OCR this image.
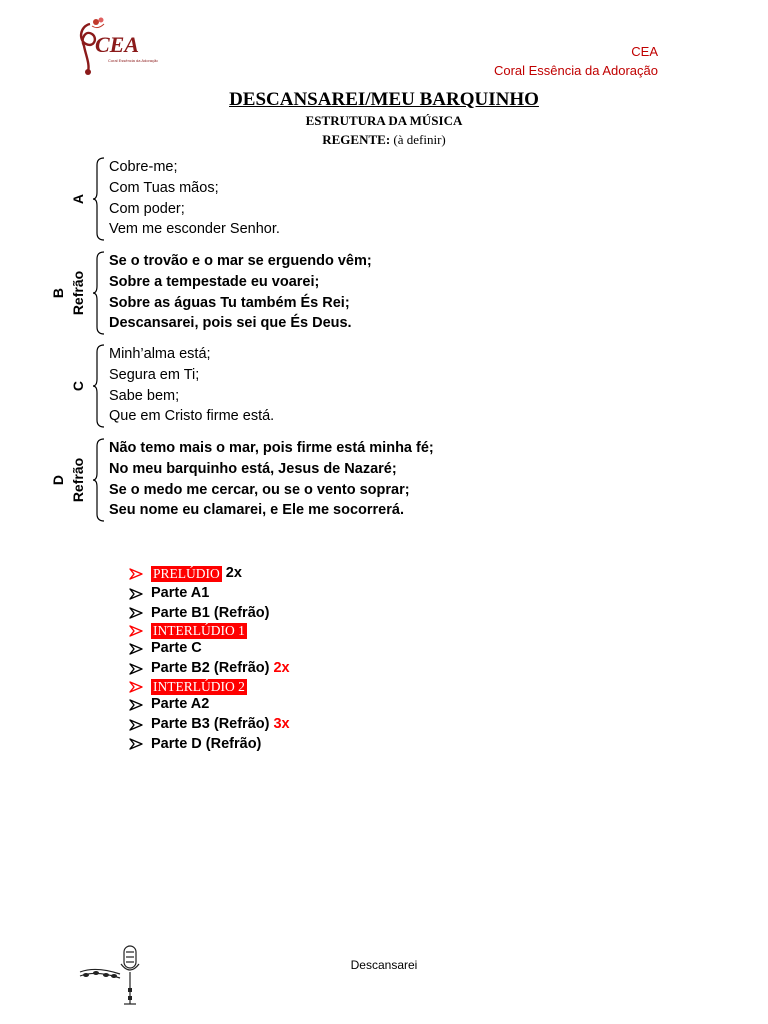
CEA
Coral Essência da Adoração
CEA
Coral Essência da Adoração
DESCANSAREI/MEU BARQUINHO
ESTRUTURA DA MÚSICA
REGENTE: (à definir)
A
Cobre-me;
Com Tuas mãos;
Com poder;
Vem me esconder Senhor.
B Refrão
Se o trovão e o mar se erguendo vêm;
Sobre a tempestade eu voarei;
Sobre as águas Tu também És Rei;
Descansarei, pois sei que És Deus.
C
Minh’alma está;
Segura em Ti;
Sabe bem;
Que em Cristo firme está.
D Refrão
Não temo mais o mar, pois firme está minha fé;
No meu barquinho está, Jesus de Nazaré;
Se o medo me cercar, ou se o vento soprar;
Seu nome eu clamarei, e Ele me socorrerá.
PRELÚDIO 2x
Parte A1
Parte B1 (Refrão)
INTERLÚDIO 1
Parte C
Parte B2 (Refrão) 2x
INTERLÚDIO 2
Parte A2
Parte B3 (Refrão) 3x
Parte D (Refrão)
Descansarei
